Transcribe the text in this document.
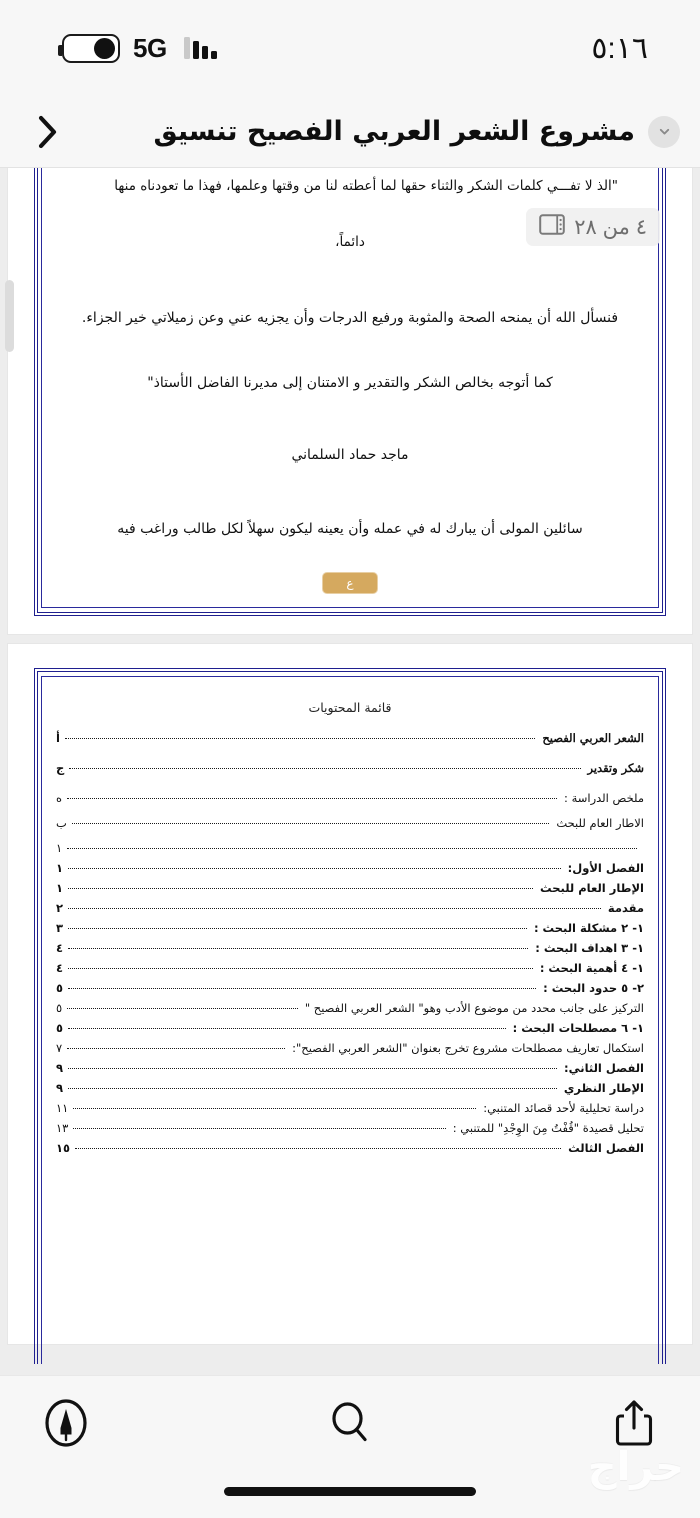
5G	٥:١٦
مشروع الشعر العربي الفصيح تنسيق
٤ من ٢٨
"الذ لا تفـــي كلمات الشكر والثناء حقها لما أعطته لنا من وقتها وعلمها، فهذا ما تعودناه منها
دائماً،
فنسأل الله أن يمنحه الصحة والمثوبة ورفيع الدرجات وأن يجزيه عني وعن زميلاتي خير الجزاء.
كما أتوجه بخالص الشكر والتقدير و الامتنان إلى مديرنا الفاضل الأستاذ"
ماجد حماد السلماني
سائلين المولى أن يبارك له في عمله وأن يعينه ليكون سهلاً لكل طالب وراغب فيه
ع
قائمة المحتويات
الشعر العربي الفصيح
أ
شكر وتقدير
ج
ملخص الدراسة :
ه
الاطار العام للبحث
ب
١
الفصل الأول:
١
الإطار العام للبحث
١
مقدمة
٢
١- ٢ مشكلة البحث :
٣
١- ٣ اهداف البحث :
٤
١- ٤ أهمية البحث :
٤
٢- ٥ حدود البحث :
٥
التركيز على جانب محدد من موضوع الأدب وهو" الشعر العربي الفصيح "
٥
١- ٦ مصطلحات البحث :
٥
استكمال تعاريف مصطلحات مشروع تخرج بعنوان "الشعر العربي الفصيح":
٧
الفصل الثاني:
٩
الإطار النظري
٩
دراسة تحليلية لأحد قصائد المتنبي:
١١
تحليل قصيدة "قُفْتُ مِنَ الوِجْدِ" للمتنبي :
١٣
الفصل الثالث
١٥
حراج
